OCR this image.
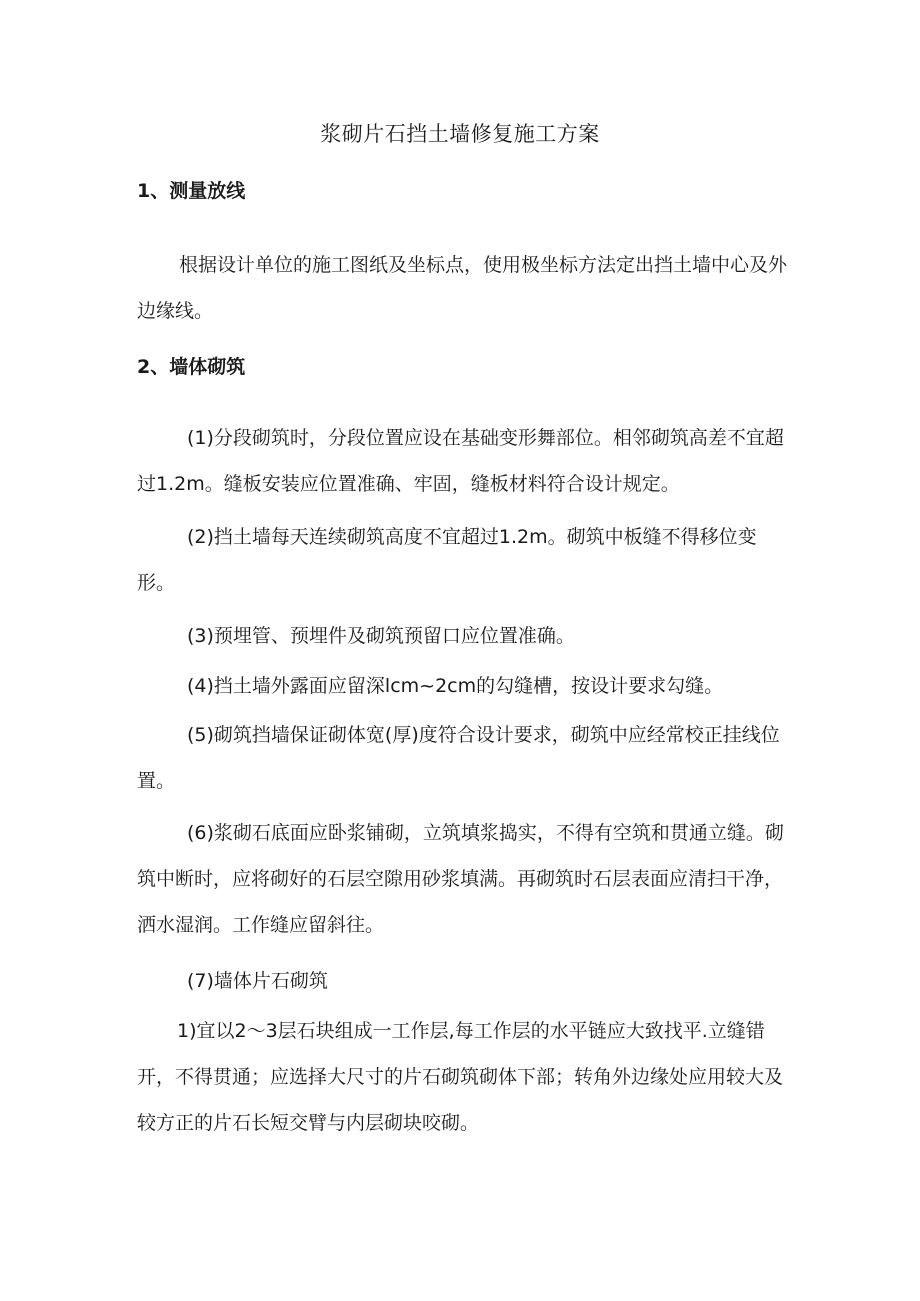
浆砌片石挡土墙修复施工方案
1、测量放线

根据设计单位的施工图纸及坐标点，使用极坐标方法定出挡土墙中心及外边缘线。

2、墙体砌筑

(1)分段砌筑时，分段位置应设在基础变形舞部位。相邻砌筑高差不宜超过1.2m。缝板安装应位置准确、牢固，缝板材料符合设计规定。

(2)挡土墙每天连续砌筑高度不宜超过1.2m。砌筑中板缝不得移位变形。

(3)预埋管、预埋件及砌筑预留口应位置准确。

(4)挡土墙外露面应留深lcm~2cm的勾缝槽，按设计要求勾缝。

(5)砌筑挡墙保证砌体宽(厚)度符合设计要求，砌筑中应经常校正挂线位置。

(6)浆砌石底面应卧浆铺砌，立筑填浆捣实，不得有空筑和贯通立缝。砌筑中断时，应将砌好的石层空隙用砂浆填满。再砌筑时石层表面应清扫干净，洒水湿润。工作缝应留斜往。

(7)墙体片石砌筑

1)宜以2〜3层石块组成一工作层,每工作层的水平链应大致找平.立缝错开，不得贯通；应选择大尺寸的片石砌筑砌体下部；转角外边缘处应用较大及较方正的片石长短交臂与内层砌块咬砌。
